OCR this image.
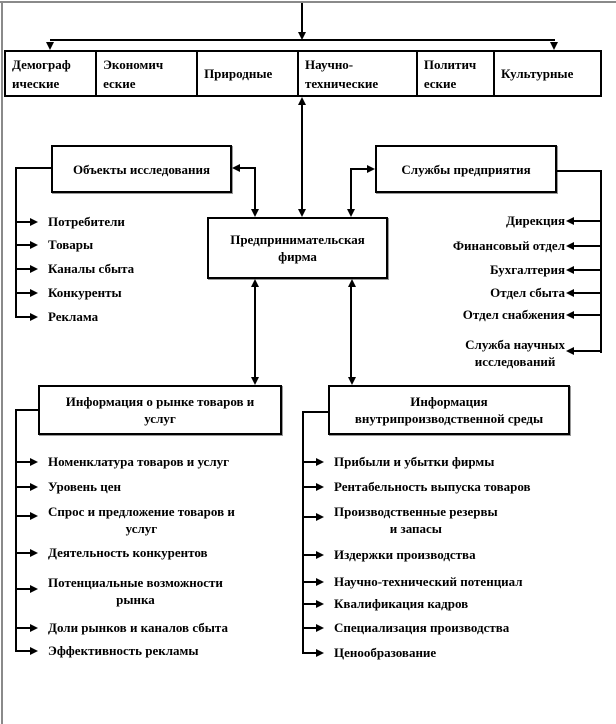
Демограф
ические
Экономич
еские
Природные
Научно-
технические
Политич
еские
Культурные
Объекты исследования	Службы предприятия
Предпринимательская
фирма
Информация о рынке товаров и
услуг
Информация
внутрипроизводственной среды
Потребители
Товары
Каналы сбыта
Конкуренты
Реклама
Дирекция
Финансовый отдел
Бухгалтерия
Отдел сбыта
Отдел снабжения
Служба научных
исследований
Номенклатура товаров и услуг
Уровень цен
Спрос и предложение товаров и
услуг
Деятельность конкурентов
Потенциальные возможности
рынка
Доли рынков и каналов сбыта
Эффективность рекламы
Прибыли и убытки фирмы
Рентабельность выпуска товаров
Производственные резервы
и запасы
Издержки производства
Научно-технический потенциал
Квалификация кадров
Специализация производства
Ценообразование
